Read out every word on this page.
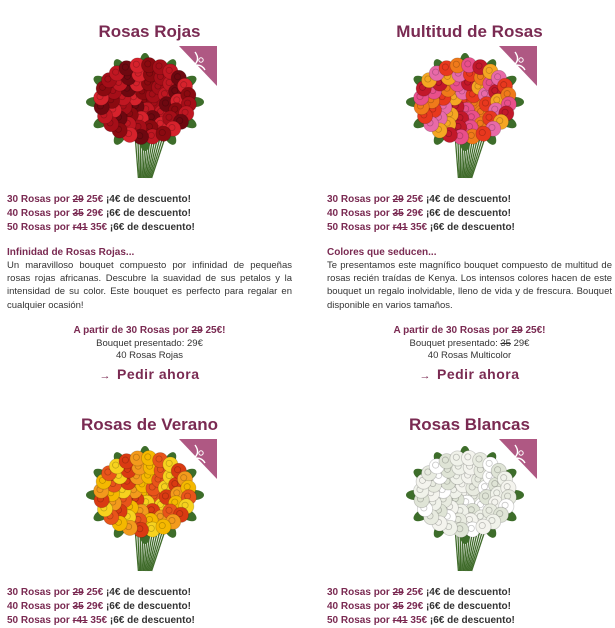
Rosas Rojas
30 Rosas por 29 25€ ¡4€ de descuento!
40 Rosas por 35 29€ ¡6€ de descuento!
50 Rosas por r41 35€ ¡6€ de descuento!
Infinidad de Rosas Rojas...
Un maravilloso bouquet compuesto por infinidad de pequeñas rosas rojas africanas. Descubre la suavidad de sus petalos y la intensidad de su color. Este bouquet es perfecto para regalar en cualquier ocasión!
A partir de 30 Rosas por 29 25€!
Bouquet presentado: 29€
40 Rosas Rojas
→ Pedir ahora
Multitud de Rosas
30 Rosas por 29 25€ ¡4€ de descuento!
40 Rosas por 35 29€ ¡6€ de descuento!
50 Rosas por r41 35€ ¡6€ de descuento!
Colores que seducen...
Te presentamos este magnífico bouquet compuesto de multitud de rosas recién traídas de Kenya. Los intensos colores hacen de este bouquet un regalo inolvidable, lleno de vida y de frescura. Bouquet disponible en varios tamaños.
A partir de 30 Rosas por 29 25€!
Bouquet presentado: 35 29€
40 Rosas Multicolor
→ Pedir ahora
Rosas de Verano
30 Rosas por 29 25€ ¡4€ de descuento!
40 Rosas por 35 29€ ¡6€ de descuento!
50 Rosas por r41 35€ ¡6€ de descuento!
Rosas Blancas
30 Rosas por 29 25€ ¡4€ de descuento!
40 Rosas por 35 29€ ¡6€ de descuento!
50 Rosas por r41 35€ ¡6€ de descuento!
